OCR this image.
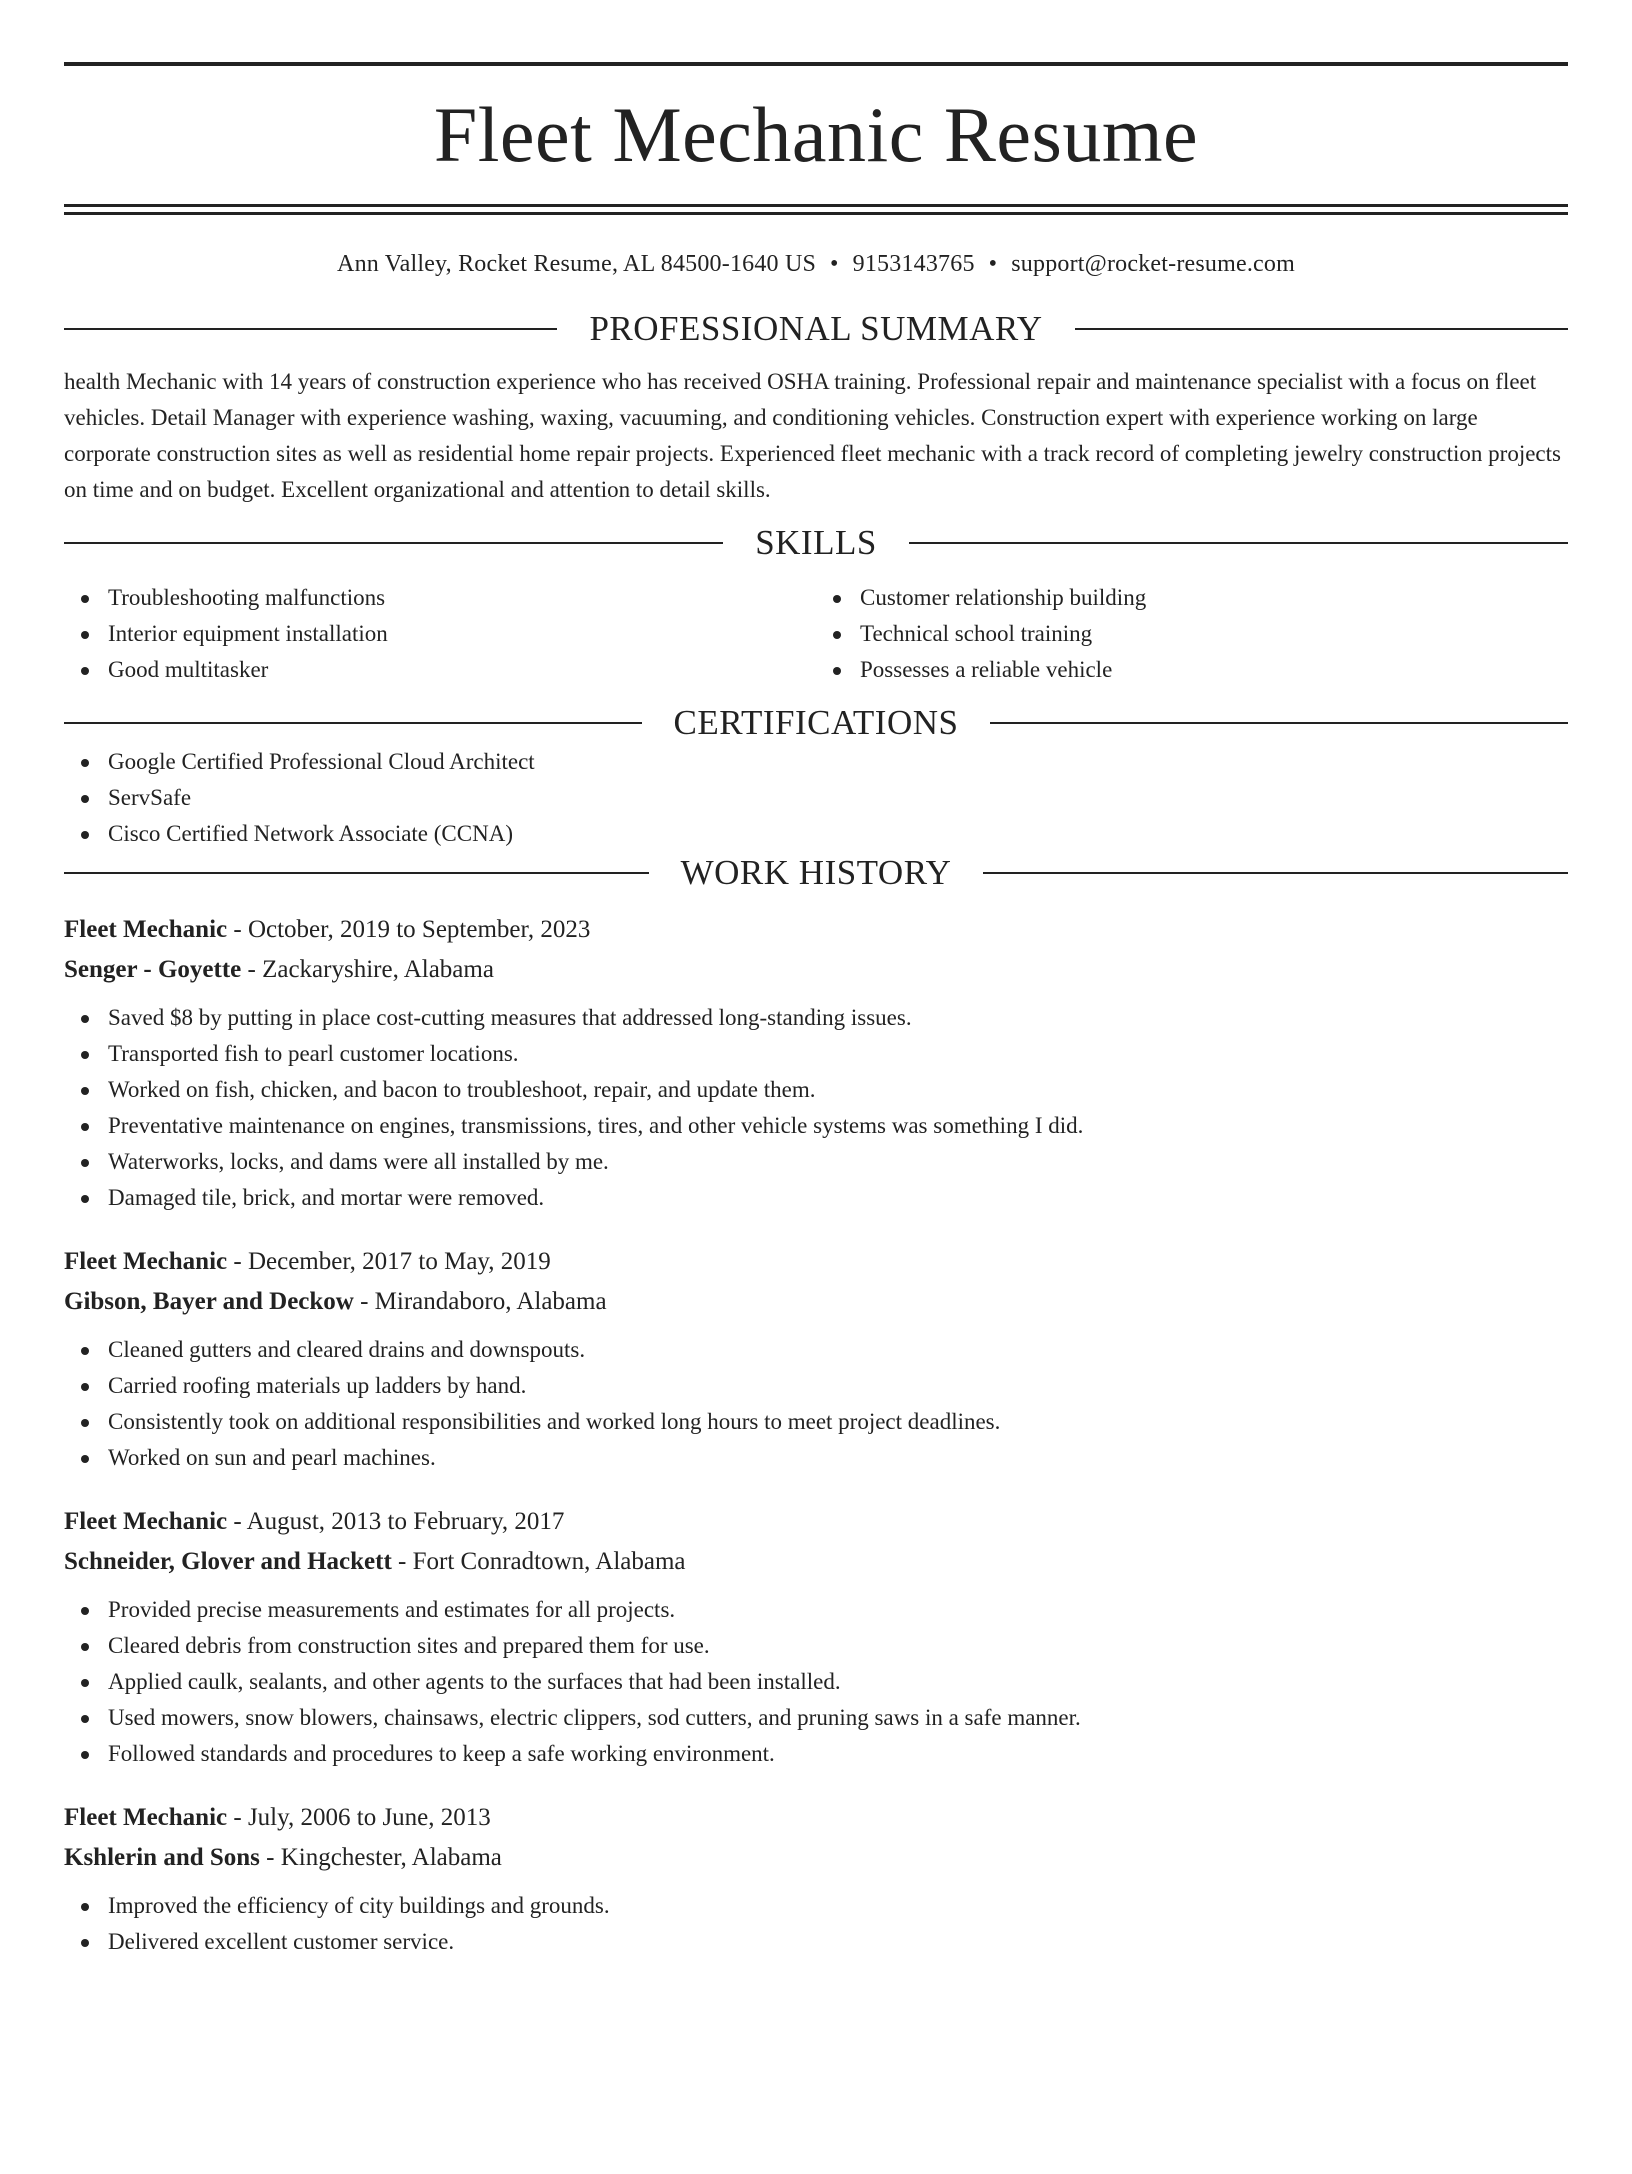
Fleet Mechanic Resume
Ann Valley, Rocket Resume, AL 84500-1640 US • 9153143765 • support@rocket-resume.com
PROFESSIONAL SUMMARY

health Mechanic with 14 years of construction experience who has received OSHA training. Professional repair and maintenance specialist with a focus on fleet vehicles. Detail Manager with experience washing, waxing, vacuuming, and conditioning vehicles. Construction expert with experience working on large corporate construction sites as well as residential home repair projects. Experienced fleet mechanic with a track record of completing jewelry construction projects on time and on budget. Excellent organizational and attention to detail skills.

SKILLS
Troubleshooting malfunctions
Interior equipment installation
Good multitasker
Customer relationship building
Technical school training
Possesses a reliable vehicle
CERTIFICATIONS
Google Certified Professional Cloud Architect
ServSafe
Cisco Certified Network Associate (CCNA)
WORK HISTORY
Fleet Mechanic - October, 2019 to September, 2023
Senger - Goyette - Zackaryshire, Alabama
Saved $8 by putting in place cost-cutting measures that addressed long-standing issues.
Transported fish to pearl customer locations.
Worked on fish, chicken, and bacon to troubleshoot, repair, and update them.
Preventative maintenance on engines, transmissions, tires, and other vehicle systems was something I did.
Waterworks, locks, and dams were all installed by me.
Damaged tile, brick, and mortar were removed.
Fleet Mechanic - December, 2017 to May, 2019
Gibson, Bayer and Deckow - Mirandaboro, Alabama
Cleaned gutters and cleared drains and downspouts.
Carried roofing materials up ladders by hand.
Consistently took on additional responsibilities and worked long hours to meet project deadlines.
Worked on sun and pearl machines.
Fleet Mechanic - August, 2013 to February, 2017
Schneider, Glover and Hackett - Fort Conradtown, Alabama
Provided precise measurements and estimates for all projects.
Cleared debris from construction sites and prepared them for use.
Applied caulk, sealants, and other agents to the surfaces that had been installed.
Used mowers, snow blowers, chainsaws, electric clippers, sod cutters, and pruning saws in a safe manner.
Followed standards and procedures to keep a safe working environment.
Fleet Mechanic - July, 2006 to June, 2013
Kshlerin and Sons - Kingchester, Alabama
Improved the efficiency of city buildings and grounds.
Delivered excellent customer service.
